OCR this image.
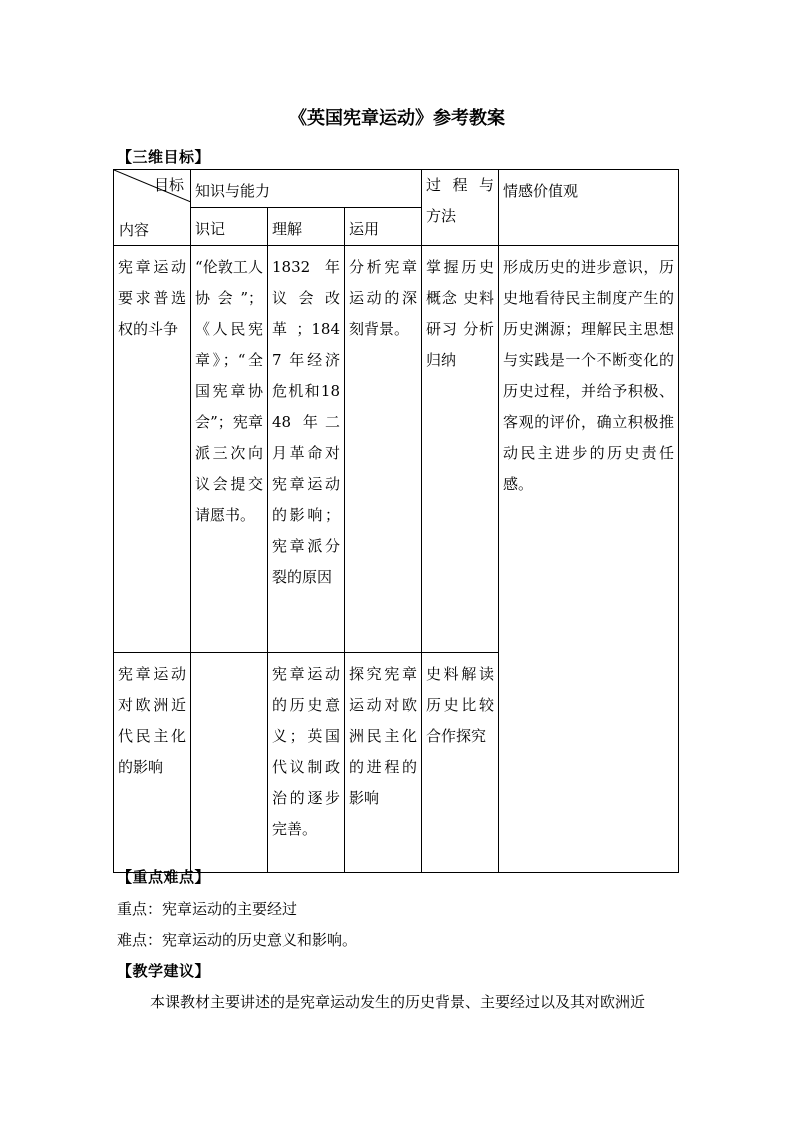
《英国宪章运动》参考教案
【三维目标】
目标
内容	知识与能力			过 程 与 方法	情感价值观
	识记	理解	运用		
宪章运动要求普选权的斗争	“伦敦工人协会”；《人民宪章》；“全国宪章协会”；宪章派三次向议会提交请愿书。	1832 年议会改革；1847 年经济危机和1848 年二月革命对宪章运动的影响；宪章派分裂的原因	分析宪章运动的深刻背景。	掌握历史概念 史料研习 分析归纳	形成历史的进步意识，历史地看待民主制度产生的历史渊源；理解民主思想与实践是一个不断变化的历史过程，并给予积极、客观的评价，确立积极推动民主进步的历史责任感。
宪章运动对欧洲近代民主化的影响		宪章运动的历史意义；英国代议制政治的逐步完善。	探究宪章运动对欧洲民主化的进程的影响	史料解读 历史比较 合作探究	
【重点难点】
重点：宪章运动的主要经过
难点：宪章运动的历史意义和影响。
【教学建议】
本课教材主要讲述的是宪章运动发生的历史背景、主要经过以及其对欧洲近
